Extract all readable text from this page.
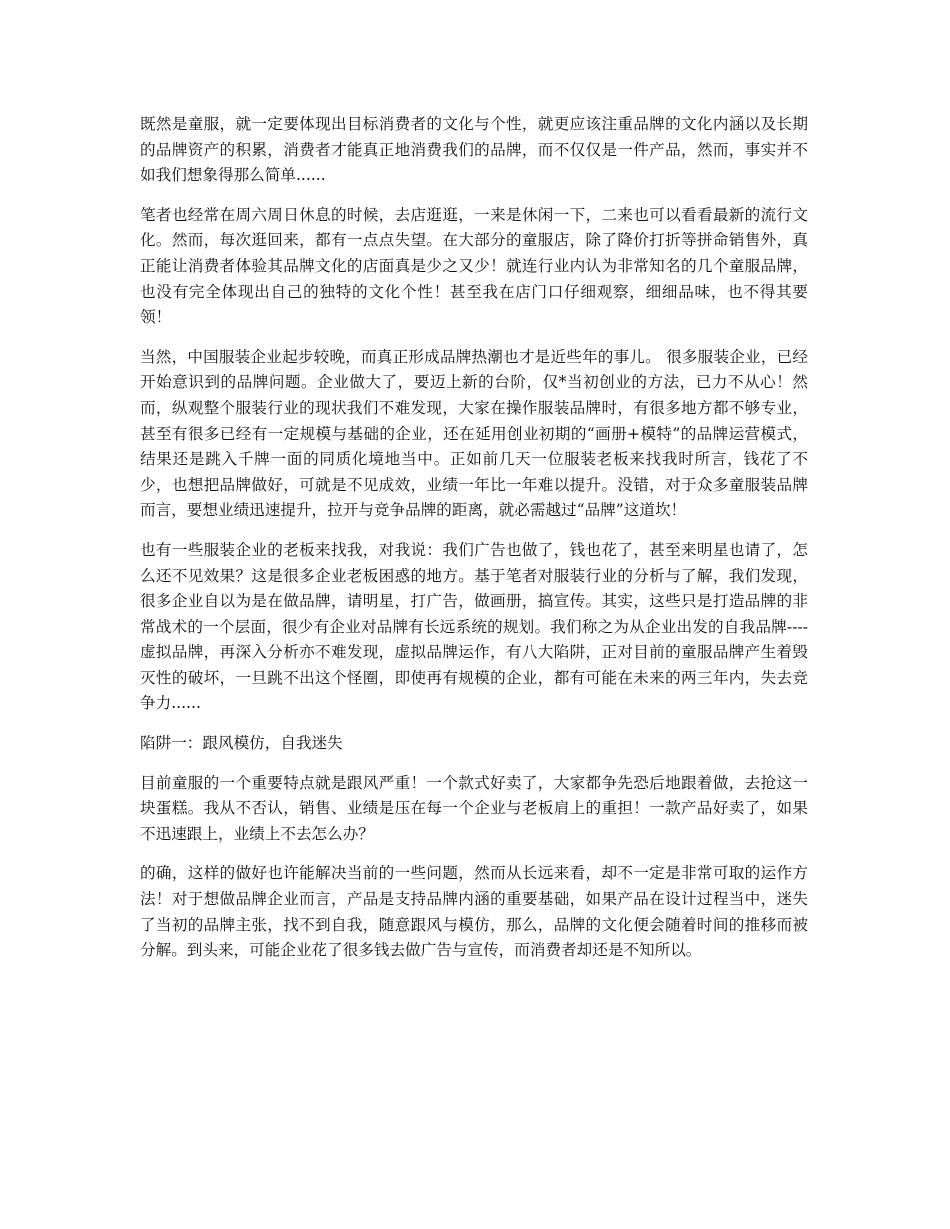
既然是童服，就一定要体现出目标消费者的文化与个性，就更应该注重品牌的文化内涵以及长期的品牌资产的积累，消费者才能真正地消费我们的品牌，而不仅仅是一件产品，然而，事实并不如我们想象得那么简单......

笔者也经常在周六周日休息的时候，去店逛逛，一来是休闲一下，二来也可以看看最新的流行文化。然而，每次逛回来，都有一点点失望。在大部分的童服店，除了降价打折等拼命销售外，真正能让消费者体验其品牌文化的店面真是少之又少！就连行业内认为非常知名的几个童服品牌，也没有完全体现出自己的独特的文化个性！甚至我在店门口仔细观察，细细品味，也不得其要领！

当然，中国服装企业起步较晚，而真正形成品牌热潮也才是近些年的事儿。 很多服装企业，已经开始意识到的品牌问题。企业做大了，要迈上新的台阶，仅*当初创业的方法，已力不从心！然而，纵观整个服装行业的现状我们不难发现，大家在操作服装品牌时，有很多地方都不够专业，甚至有很多已经有一定规模与基础的企业，还在延用创业初期的“画册+模特”的品牌运营模式，结果还是跳入千牌一面的同质化境地当中。正如前几天一位服装老板来找我时所言，钱花了不少，也想把品牌做好，可就是不见成效，业绩一年比一年难以提升。没错，对于众多童服装品牌而言，要想业绩迅速提升，拉开与竞争品牌的距离，就必需越过“品牌”这道坎！

也有一些服装企业的老板来找我，对我说：我们广告也做了，钱也花了，甚至来明星也请了，怎么还不见效果？这是很多企业老板困惑的地方。基于笔者对服装行业的分析与了解，我们发现，很多企业自以为是在做品牌，请明星，打广告，做画册，搞宣传。其实，这些只是打造品牌的非常战术的一个层面，很少有企业对品牌有长远系统的规划。我们称之为从企业出发的自我品牌----虚拟品牌，再深入分析亦不难发现，虚拟品牌运作，有八大陷阱，正对目前的童服品牌产生着毁灭性的破坏，一旦跳不出这个怪圈，即使再有规模的企业，都有可能在未来的两三年内，失去竞争力......

陷阱一：跟风模仿，自我迷失

目前童服的一个重要特点就是跟风严重！一个款式好卖了，大家都争先恐后地跟着做，去抢这一块蛋糕。我从不否认，销售、业绩是压在每一个企业与老板肩上的重担！一款产品好卖了，如果不迅速跟上，业绩上不去怎么办？

的确，这样的做好也许能解决当前的一些问题，然而从长远来看，却不一定是非常可取的运作方法！对于想做品牌企业而言，产品是支持品牌内涵的重要基础，如果产品在设计过程当中，迷失了当初的品牌主张，找不到自我，随意跟风与模仿，那么，品牌的文化便会随着时间的推移而被分解。到头来，可能企业花了很多钱去做广告与宣传，而消费者却还是不知所以。
